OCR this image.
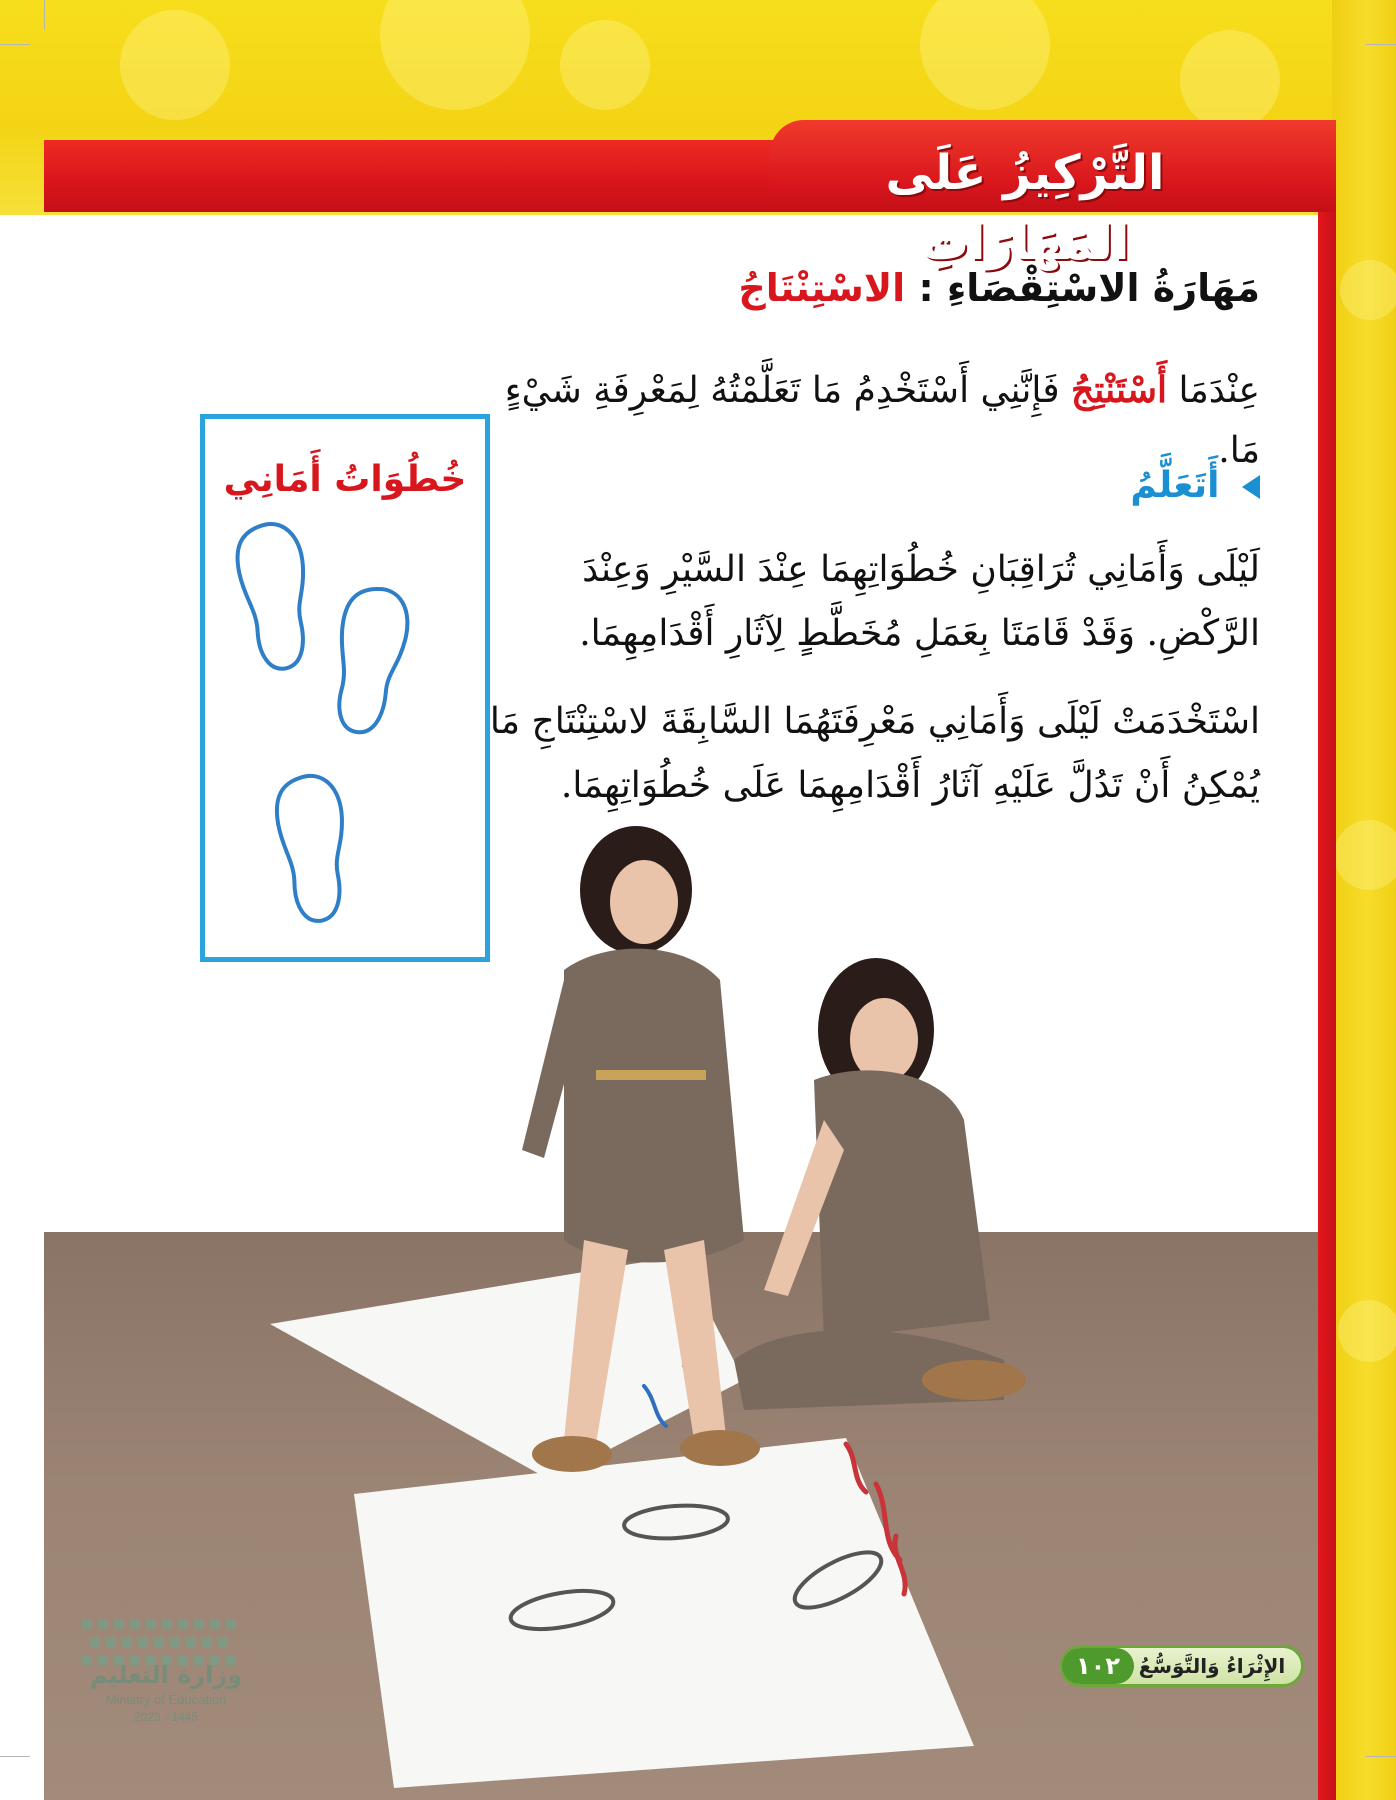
التَّرْكِيزُ عَلَى المَهَارَاتِ
مَهَارَةُ الاسْتِقْصَاءِ : الاسْتِنْتَاجُ
عِنْدَمَا أَسْتَنْتِجُ فَإِنَّنِي أَسْتَخْدِمُ مَا تَعَلَّمْتُهُ لِمَعْرِفَةِ شَيْءٍ مَا.
أَتَعَلَّمُ
لَيْلَى وَأَمَانِي تُرَاقِبَانِ خُطُوَاتِهِمَا عِنْدَ السَّيْرِ وَعِنْدَ الرَّكْضِ. وَقَدْ قَامَتَا بِعَمَلِ مُخَطَّطٍ لِآثَارِ أَقْدَامِهِمَا.
اسْتَخْدَمَتْ لَيْلَى وَأَمَانِي مَعْرِفَتَهُمَا السَّابِقَةَ لاسْتِنْتَاجِ مَا يُمْكِنُ أَنْ تَدُلَّ عَلَيْهِ آثَارُ أَقْدَامِهِمَا عَلَى خُطُوَاتِهِمَا.
خُطُوَاتُ أَمَانِي
وزارة التعليم
Ministry of Education
2023 - 1445
الإِثْرَاءُ وَالتَّوَسُّعُ
١٠٢
